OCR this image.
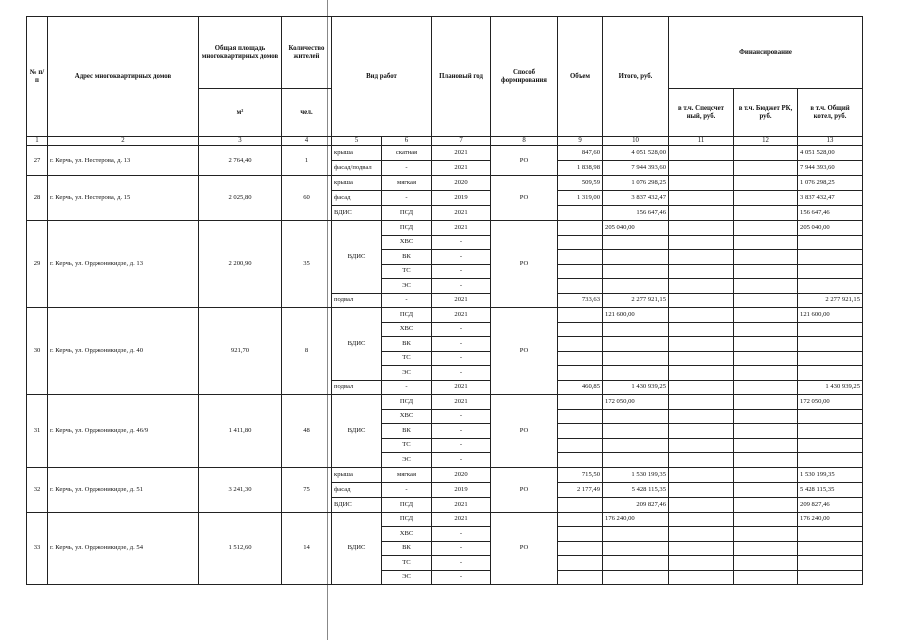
№ п/п	Адрес многоквартирных домов	Общая площадь многоквартирных домов	Количество жителей	Вид работ		Плановый год	Способ формирования	Объем	Итого, руб.	Финансирование		
		м²	чел.							в т.ч. Спецсчет ный, руб.	в т.ч. Бюджет РК, руб.	в т.ч. Общий котел, руб.
1	2	3	4	5	6	7	8	9	10	11	12	13
27	г. Керчь, ул. Нестерова, д. 13	2 764,40	1	крыша	скатная	2021	РО	847,60	4 051 528,00			4 051 528,00
				фасад/подвал	-	2021		1 838,98	7 944 393,60			7 944 393,60
28	г. Керчь, ул. Нестерова, д. 15	2 025,80	60	крыша	мягкая	2020	РО	509,59	1 076 298,25			1 076 298,25
				фасад	-	2019		1 319,00	3 837 432,47			3 837 432,47
				ВДИС	ПСД	2021			156 647,46			156 647,46
29	г. Керчь, ул. Орджоникидзе, д. 13	2 200,90	35	ВДИС	ПСД	2021	РО		205 040,00			205 040,00
					ХВС	-						
					ВК	-						
					ТС	-						
					ЭС	-						
				подвал	-	2021		733,63	2 277 921,15			2 277 921,15
30	г. Керчь, ул. Орджоникидзе, д. 40	921,70	8	ВДИС	ПСД	2021	РО		121 600,00			121 600,00
					ХВС	-						
					ВК	-						
					ТС	-						
					ЭС	-						
				подвал	-	2021		460,85	1 430 939,25			1 430 939,25
31	г. Керчь, ул. Орджоникидзе, д. 46/9	1 411,80	48	ВДИС	ПСД	2021	РО		172 050,00			172 050,00
					ХВС	-						
					ВК	-						
					ТС	-						
					ЭС	-						
32	г. Керчь, ул. Орджоникидзе, д. 51	3 241,30	75	крыша	мягкая	2020	РО	715,50	1 530 199,35			1 530 199,35
				фасад	-	2019		2 177,49	5 428 115,35			5 428 115,35
				ВДИС	ПСД	2021			209 827,46			209 827,46
33	г. Керчь, ул. Орджоникидзе, д. 54	1 512,60	14	ВДИС	ПСД	2021	РО		176 240,00			176 240,00
					ХВС	-						
					ВК	-						
					ТС	-						
					ЭС	-						
